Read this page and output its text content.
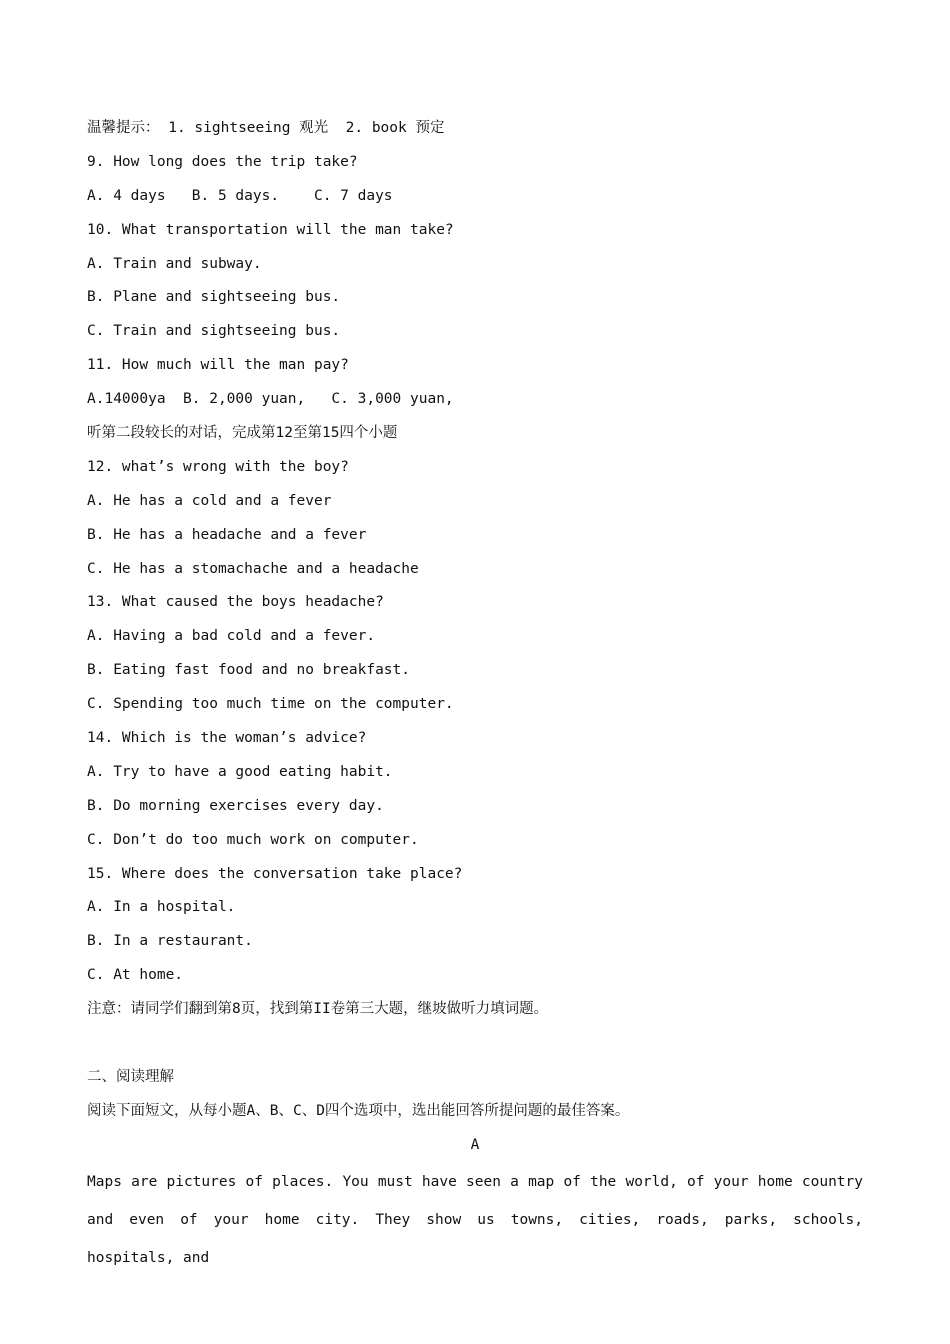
温馨提示： 1. sightseeing 观光  2. book 预定

9. How long does the trip take?

A. 4 days   B. 5 days.    C. 7 days

10. What transportation will the man take?

A. Train and subway.

B. Plane and sightseeing bus.

C. Train and sightseeing bus.

11. How much will the man pay?

A.14000ya  B. 2,000 yuan,   C. 3,000 yuan,

听第二段较长的对话，完成第12至第15四个小题

12. what’s wrong with the boy?

A. He has a cold and a fever

B. He has a headache and a fever

C. He has a stomachache and a headache

13. What caused the boys headache?

A. Having a bad cold and a fever.

B. Eating fast food and no breakfast.

C. Spending too much time on the computer.

14. Which is the woman’s advice?

A. Try to have a good eating habit.

B. Do morning exercises every day.

C. Don’t do too much work on computer.

15. Where does the conversation take place?

A. In a hospital.

B. In a restaurant.

C. At home.

注意：请同学们翻到第8页，找到第II卷第三大题，继坡做听力填词题。

二、阅读理解

阅读下面短文，从每小题A、B、C、D四个选项中，选出能回答所提问题的最佳答案。

A

Maps are pictures of places. You must have seen a map of the world, of your home country and even of your home city. They show us towns, cities, roads, parks, schools, hospitals, and
